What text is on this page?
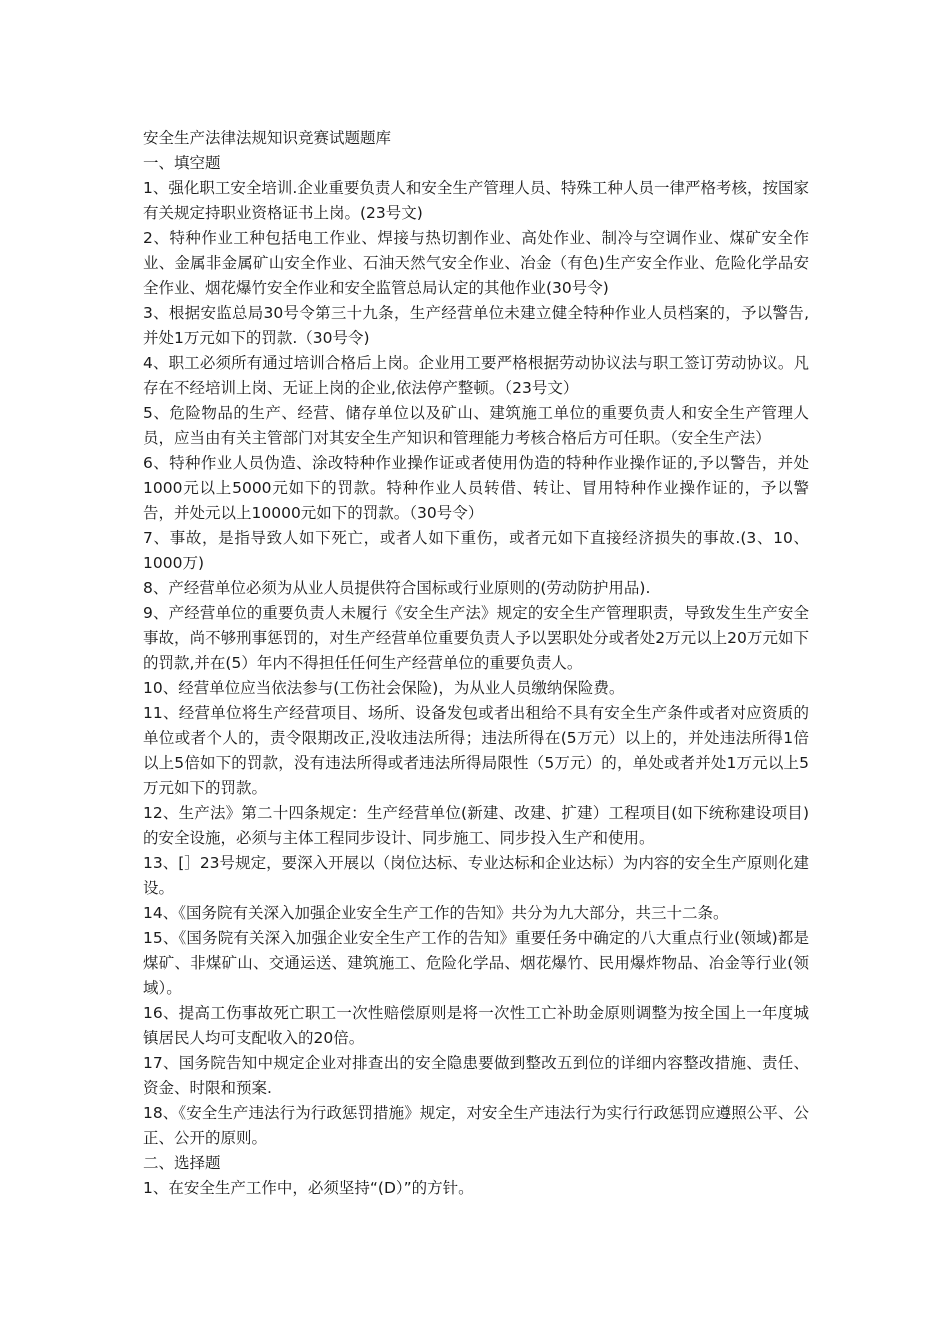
安全生产法律法规知识竞赛试题题库

一、填空题

1、强化职工安全培训.企业重要负责人和安全生产管理人员、特殊工种人员一律严格考核，按国家有关规定持职业资格证书上岗。(23号文)

2、特种作业工种包括电工作业、焊接与热切割作业、高处作业、制冷与空调作业、煤矿安全作业、金属非金属矿山安全作业、石油天然气安全作业、冶金（有色)生产安全作业、危险化学品安全作业、烟花爆竹安全作业和安全监管总局认定的其他作业(30号令)

3、根据安监总局30号令第三十九条，生产经营单位未建立健全特种作业人员档案的，予以警告,并处1万元如下的罚款.（30号令)

4、职工必须所有通过培训合格后上岗。企业用工要严格根据劳动协议法与职工签订劳动协议。凡存在不经培训上岗、无证上岗的企业,依法停产整顿。（23号文）

5、危险物品的生产、经营、储存单位以及矿山、建筑施工单位的重要负责人和安全生产管理人员，应当由有关主管部门对其安全生产知识和管理能力考核合格后方可任职。（安全生产法）

6、特种作业人员伪造、涂改特种作业操作证或者使用伪造的特种作业操作证的,予以警告，并处1000元以上5000元如下的罚款。特种作业人员转借、转让、冒用特种作业操作证的，予以警告，并处元以上10000元如下的罚款。（30号令）

7、事故，是指导致人如下死亡，或者人如下重伤，或者元如下直接经济损失的事故.(3、10、1000万)

8、产经营单位必须为从业人员提供符合国标或行业原则的(劳动防护用品).

9、产经营单位的重要负责人未履行《安全生产法》规定的安全生产管理职责，导致发生生产安全事故，尚不够刑事惩罚的，对生产经营单位重要负责人予以罢职处分或者处2万元以上20万元如下的罚款,并在(5）年内不得担任任何生产经营单位的重要负责人。

10、经营单位应当依法参与(工伤社会保险)，为从业人员缴纳保险费。

11、经营单位将生产经营项目、场所、设备发包或者出租给不具有安全生产条件或者对应资质的单位或者个人的，责令限期改正,没收违法所得；违法所得在(5万元）以上的，并处违法所得1倍以上5倍如下的罚款，没有违法所得或者违法所得局限性（5万元）的，单处或者并处1万元以上5万元如下的罚款。

12、生产法》第二十四条规定：生产经营单位(新建、改建、扩建）工程项目(如下统称建设项目)的安全设施，必须与主体工程同步设计、同步施工、同步投入生产和使用。

13、[］23号规定，要深入开展以（岗位达标、专业达标和企业达标）为内容的安全生产原则化建设。

14、《国务院有关深入加强企业安全生产工作的告知》共分为九大部分，共三十二条。

15、《国务院有关深入加强企业安全生产工作的告知》重要任务中确定的八大重点行业(领域)都是煤矿、非煤矿山、交通运送、建筑施工、危险化学品、烟花爆竹、民用爆炸物品、冶金等行业(领域）。

16、提高工伤事故死亡职工一次性赔偿原则是将一次性工亡补助金原则调整为按全国上一年度城镇居民人均可支配收入的20倍。

17、国务院告知中规定企业对排查出的安全隐患要做到整改五到位的详细内容整改措施、责任、资金、时限和预案.

18、《安全生产违法行为行政惩罚措施》规定，对安全生产违法行为实行行政惩罚应遵照公平、公正、公开的原则。

二、选择题

1、在安全生产工作中，必须坚持“(D）”的方针。
